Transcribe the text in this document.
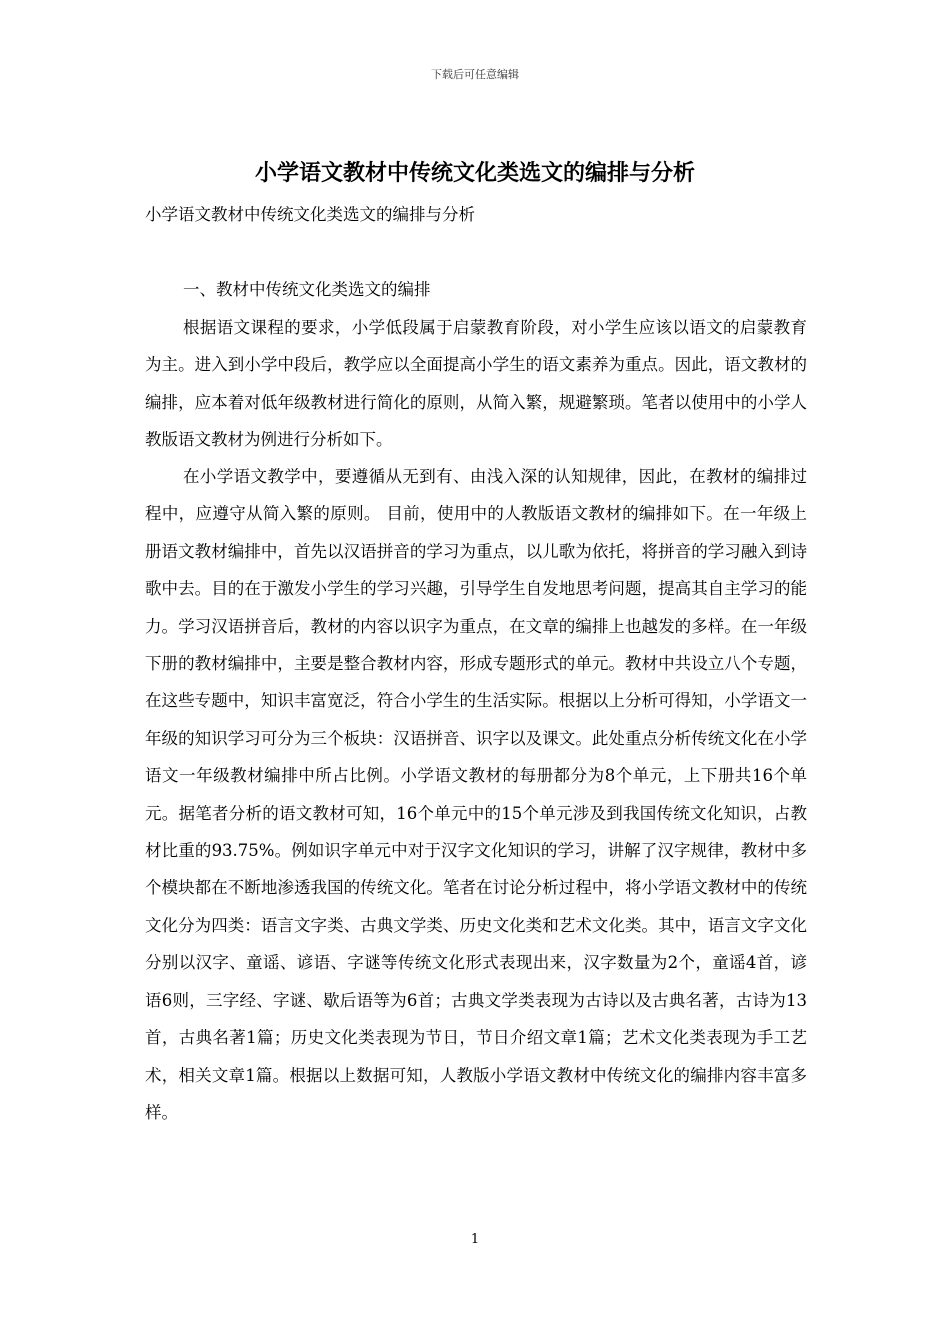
下载后可任意编辑
小学语文教材中传统文化类选文的编排与分析

小学语文教材中传统文化类选文的编排与分析

一、教材中传统文化类选文的编排

根据语文课程的要求，小学低段属于启蒙教育阶段，对小学生应该以语文的启蒙教育为主。进入到小学中段后，教学应以全面提高小学生的语文素养为重点。因此，语文教材的编排，应本着对低年级教材进行简化的原则，从简入繁，规避繁琐。笔者以使用中的小学人教版语文教材为例进行分析如下。

在小学语文教学中，要遵循从无到有、由浅入深的认知规律，因此，在教材的编排过程中，应遵守从简入繁的原则。 目前，使用中的人教版语文教材的编排如下。在一年级上册语文教材编排中，首先以汉语拼音的学习为重点，以儿歌为依托，将拼音的学习融入到诗歌中去。目的在于激发小学生的学习兴趣，引导学生自发地思考问题，提高其自主学习的能力。学习汉语拼音后，教材的内容以识字为重点，在文章的编排上也越发的多样。在一年级下册的教材编排中，主要是整合教材内容，形成专题形式的单元。教材中共设立八个专题，在这些专题中，知识丰富宽泛，符合小学生的生活实际。根据以上分析可得知，小学语文一年级的知识学习可分为三个板块：汉语拼音、识字以及课文。此处重点分析传统文化在小学语文一年级教材编排中所占比例。小学语文教材的每册都分为8个单元，上下册共16个单元。据笔者分析的语文教材可知，16个单元中的15个单元涉及到我国传统文化知识，占教材比重的93.75%。例如识字单元中对于汉字文化知识的学习，讲解了汉字规律，教材中多个模块都在不断地渗透我国的传统文化。笔者在讨论分析过程中，将小学语文教材中的传统文化分为四类：语言文字类、古典文学类、历史文化类和艺术文化类。其中，语言文字文化分别以汉字、童谣、谚语、字谜等传统文化形式表现出来，汉字数量为2个，童谣4首，谚语6则，三字经、字谜、歇后语等为6首；古典文学类表现为古诗以及古典名著，古诗为13首，古典名著1篇；历史文化类表现为节日，节日介绍文章1篇；艺术文化类表现为手工艺术，相关文章1篇。根据以上数据可知，人教版小学语文教材中传统文化的编排内容丰富多样。

1
